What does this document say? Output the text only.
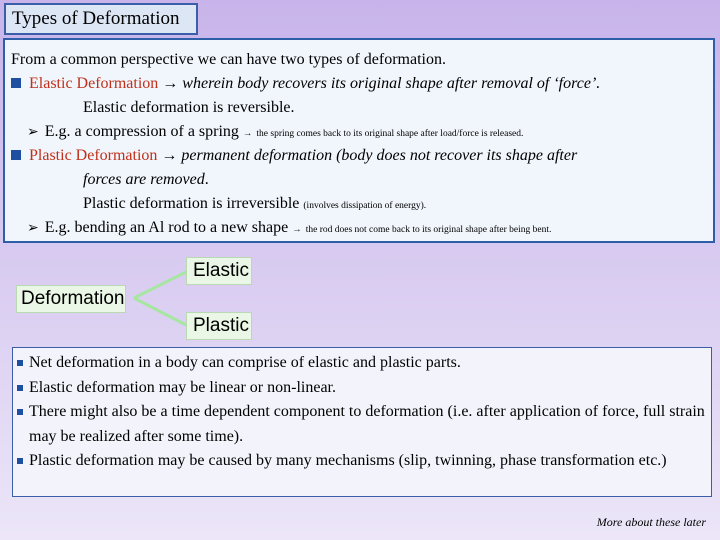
Types of Deformation
From a common perspective we can have two types of deformation.
Elastic Deformation → wherein body recovers its original shape after removal of ‘force’.
Elastic deformation is reversible.
➢ E.g. a compression of a spring → the spring comes back to its original shape after load/force is released.
Plastic Deformation → permanent deformation (body does not recover its shape after
forces are removed.
Plastic deformation is irreversible (involves dissipation of energy).
➢ E.g. bending an Al rod to a new shape → the rod does not come back to its original shape after being bent.
Elastic
Deformation
Plastic
Net deformation in a body can comprise of elastic and plastic parts.
Elastic deformation may be linear or non-linear.
There might also be a time dependent component to deformation (i.e. after application of force, full strain may be realized after some time).
Plastic deformation may be caused by many mechanisms (slip, twinning, phase transformation etc.)
More about these later
